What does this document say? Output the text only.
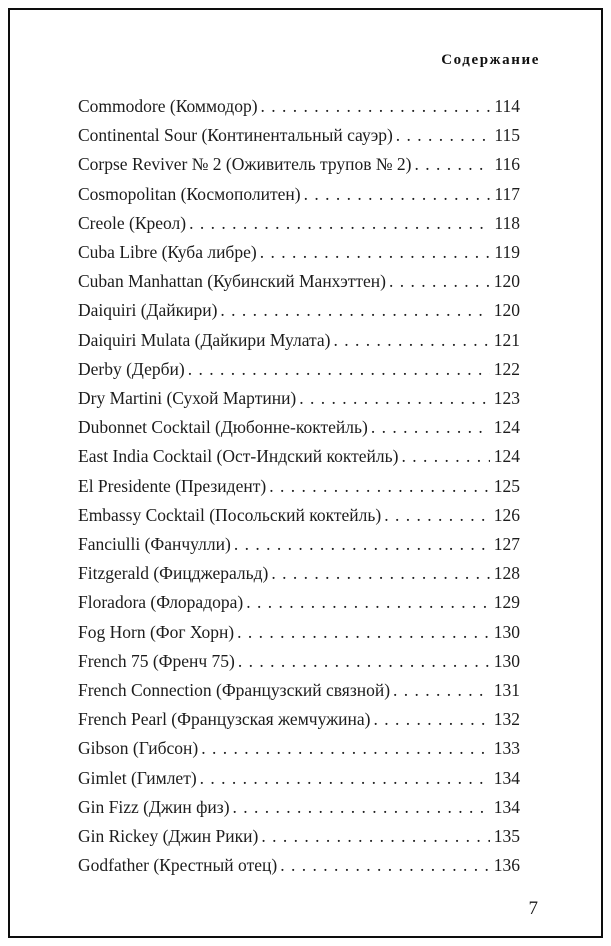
Содержание
Commodore (Коммодор) . . .	114
Continental Sour (Континентальный сауэр) . . .	115
Corpse Reviver № 2 (Оживитель трупов № 2) . . .	116
Cosmopolitan (Космополитен) . . .	117
Creole (Креол) . . .	118
Cuba Libre (Куба либре) . . .	119
Cuban Manhattan (Кубинский Манхэттен) . . .	120
Daiquiri (Дайкири) . . .	120
Daiquiri Mulata (Дайкири Мулата) . . .	121
Derby (Дерби) . . .	122
Dry Martini (Сухой Мартини) . . .	123
Dubonnet Cocktail (Дюбонне-коктейль) . . .	124
East India Cocktail (Ост-Индский коктейль) . . .	124
El Presidente (Президент) . . .	125
Embassy Cocktail (Посольский коктейль) . . .	126
Fanciulli (Фанчулли) . . .	127
Fitzgerald (Фицджеральд) . . .	128
Floradora (Флорадора) . . .	129
Fog Horn (Фог Хорн) . . .	130
French 75 (Френч 75) . . .	130
French Connection (Французский связной) . . .	131
French Pearl (Французская жемчужина) . . .	132
Gibson (Гибсон) . . .	133
Gimlet (Гимлет) . . .	134
Gin Fizz (Джин физ) . . .	134
Gin Rickey (Джин Рики) . . .	135
Godfather (Крестный отец) . . .	136
7
